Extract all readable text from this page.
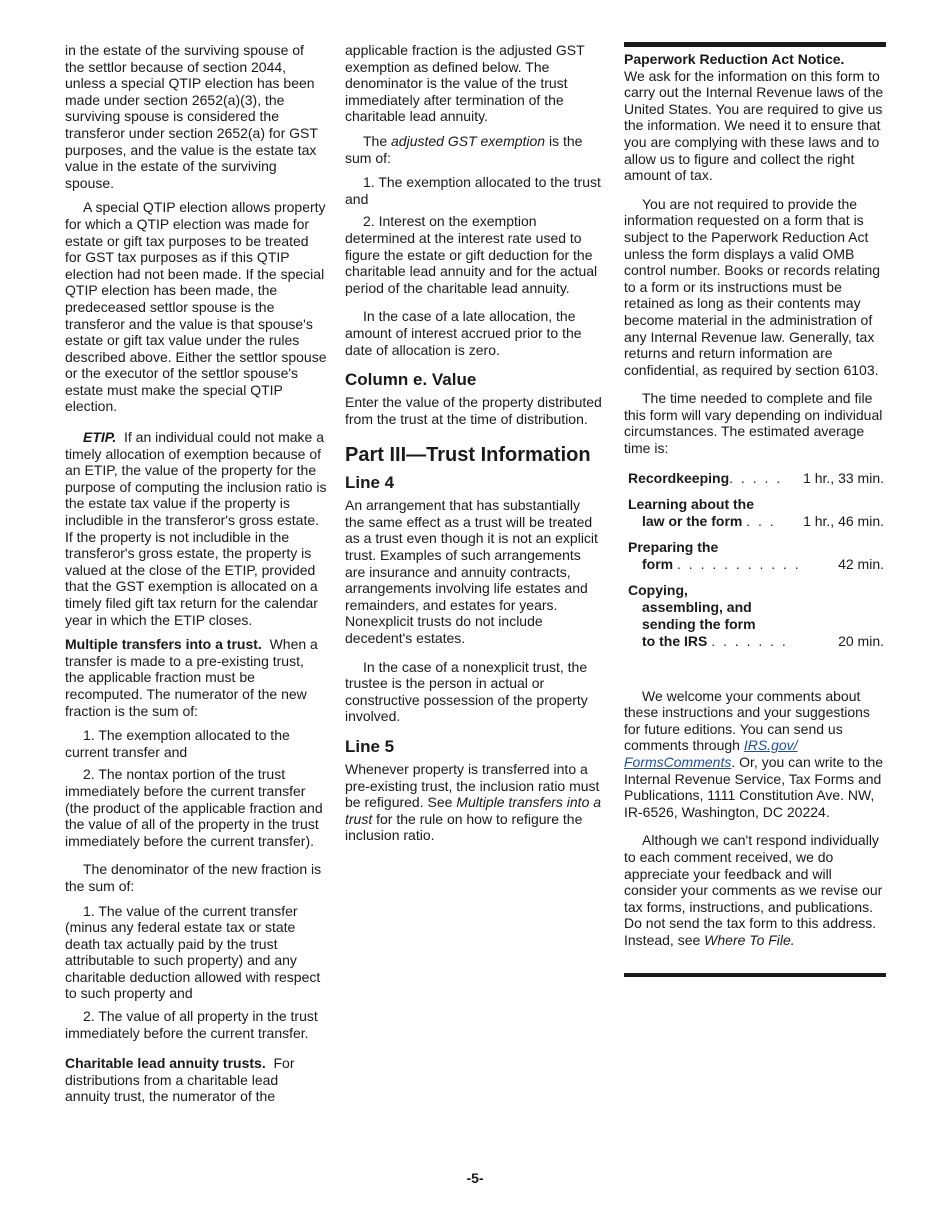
in the estate of the surviving spouse of the settlor because of section 2044, unless a special QTIP election has been made under section 2652(a)(3), the surviving spouse is considered the transferor under section 2652(a) for GST purposes, and the value is the estate tax value in the estate of the surviving spouse.

A special QTIP election allows property for which a QTIP election was made for estate or gift tax purposes to be treated for GST tax purposes as if this QTIP election had not been made. If the special QTIP election has been made, the predeceased settlor spouse is the transferor and the value is that spouse's estate or gift tax value under the rules described above. Either the settlor spouse or the executor of the settlor spouse's estate must make the special QTIP election.

ETIP. If an individual could not make a timely allocation of exemption because of an ETIP, the value of the property for the purpose of computing the inclusion ratio is the estate tax value if the property is includible in the transferor's gross estate. If the property is not includible in the transferor's gross estate, the property is valued at the close of the ETIP, provided that the GST exemption is allocated on a timely filed gift tax return for the calendar year in which the ETIP closes.

Multiple transfers into a trust. When a transfer is made to a pre-existing trust, the applicable fraction must be recomputed. The numerator of the new fraction is the sum of:

1. The exemption allocated to the current transfer and

2. The nontax portion of the trust immediately before the current transfer (the product of the applicable fraction and the value of all of the property in the trust immediately before the current transfer).

The denominator of the new fraction is the sum of:

1. The value of the current transfer (minus any federal estate tax or state death tax actually paid by the trust attributable to such property) and any charitable deduction allowed with respect to such property and

2. The value of all property in the trust immediately before the current transfer.

Charitable lead annuity trusts. For distributions from a charitable lead annuity trust, the numerator of the

applicable fraction is the adjusted GST exemption as defined below. The denominator is the value of the trust immediately after termination of the charitable lead annuity.

The adjusted GST exemption is the sum of:

1. The exemption allocated to the trust and

2. Interest on the exemption determined at the interest rate used to figure the estate or gift deduction for the charitable lead annuity and for the actual period of the charitable lead annuity.

In the case of a late allocation, the amount of interest accrued prior to the date of allocation is zero.

Column e. Value

Enter the value of the property distributed from the trust at the time of distribution.

Part III—Trust Information
Line 4

An arrangement that has substantially the same effect as a trust will be treated as a trust even though it is not an explicit trust. Examples of such arrangements are insurance and annuity contracts, arrangements involving life estates and remainders, and estates for years. Nonexplicit trusts do not include decedent's estates.

In the case of a nonexplicit trust, the trustee is the person in actual or constructive possession of the property involved.

Line 5

Whenever property is transferred into a pre-existing trust, the inclusion ratio must be refigured. See Multiple transfers into a trust for the rule on how to refigure the inclusion ratio.

Paperwork Reduction Act Notice.
We ask for the information on this form to carry out the Internal Revenue laws of the United States. You are required to give us the information. We need it to ensure that you are complying with these laws and to allow us to figure and collect the right amount of tax.

You are not required to provide the information requested on a form that is subject to the Paperwork Reduction Act unless the form displays a valid OMB control number. Books or records relating to a form or its instructions must be retained as long as their contents may become material in the administration of any Internal Revenue law. Generally, tax returns and return information are confidential, as required by section 6103.

The time needed to complete and file this form will vary depending on individual circumstances. The estimated average time is:

Recordkeeping. . . . .	1 hr., 33 min.
Learning about the
law or the form . . .	1 hr., 46 min.
Preparing the
form . . . . . . . . . . .	42 min.
Copying,
assembling, and
sending the form
to the IRS . . . . . . .	20 min.

We welcome your comments about these instructions and your suggestions for future editions. You can send us comments through IRS.gov/ FormsComments. Or, you can write to the Internal Revenue Service, Tax Forms and Publications, 1111 Constitution Ave. NW, IR-6526, Washington, DC 20224.

Although we can't respond individually to each comment received, we do appreciate your feedback and will consider your comments as we revise our tax forms, instructions, and publications. Do not send the tax form to this address. Instead, see Where To File.

-5-
